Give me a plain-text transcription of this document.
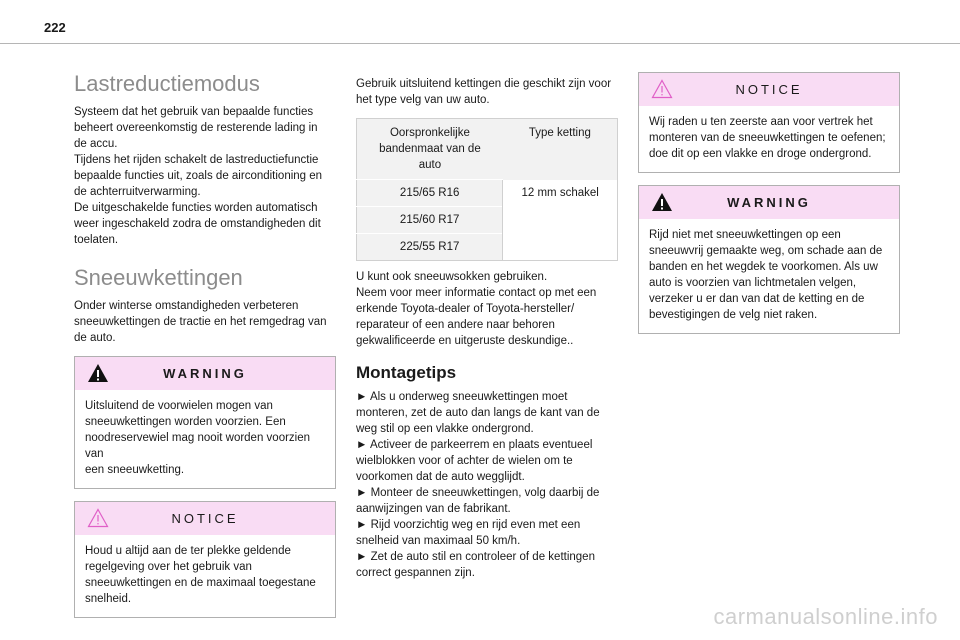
222
Lastreductiemodus

Systeem dat het gebruik van bepaalde functies
beheert overeenkomstig de resterende lading in
de accu.
Tijdens het rijden schakelt de lastreductiefunctie
bepaalde functies uit, zoals de airconditioning en
de achterruitverwarming.
De uitgeschakelde functies worden automatisch
weer ingeschakeld zodra de omstandigheden dit
toelaten.

Sneeuwkettingen

Onder winterse omstandigheden verbeteren
sneeuwkettingen de tractie en het remgedrag van
de auto.

WARNING
Uitsluitend de voorwielen mogen van
sneeuwkettingen worden voorzien. Een
noodreservewiel mag nooit worden voorzien van
een sneeuwketting.
NOTICE
Houd u altijd aan de ter plekke geldende
regelgeving over het gebruik van
sneeuwkettingen en de maximaal toegestane
snelheid.

Gebruik uitsluitend kettingen die geschikt zijn voor
het type velg van uw auto.

Oorspronkelijke
bandenmaat van de
auto	Type ketting
215/65 R16	12 mm schakel
215/60 R17	
225/55 R17	

U kunt ook sneeuwsokken gebruiken.
Neem voor meer informatie contact op met een
erkende Toyota-dealer of Toyota-hersteller/
reparateur of een andere naar behoren
gekwalificeerde en uitgeruste deskundige..

Montagetips

► Als u onderweg sneeuwkettingen moet
monteren, zet de auto dan langs de kant van de
weg stil op een vlakke ondergrond.
► Activeer de parkeerrem en plaats eventueel
wielblokken voor of achter de wielen om te
voorkomen dat de auto wegglijdt.
► Monteer de sneeuwkettingen, volg daarbij de
aanwijzingen van de fabrikant.
► Rijd voorzichtig weg en rijd even met een
snelheid van maximaal 50 km/h.
► Zet de auto stil en controleer of de kettingen
correct gespannen zijn.

NOTICE
Wij raden u ten zeerste aan voor vertrek het
monteren van de sneeuwkettingen te oefenen;
doe dit op een vlakke en droge ondergrond.
WARNING
Rijd niet met sneeuwkettingen op een
sneeuwvrij gemaakte weg, om schade aan de
banden en het wegdek te voorkomen. Als uw
auto is voorzien van lichtmetalen velgen,
verzeker u er dan van dat de ketting en de
bevestigingen de velg niet raken.
carmanualsonline.info
